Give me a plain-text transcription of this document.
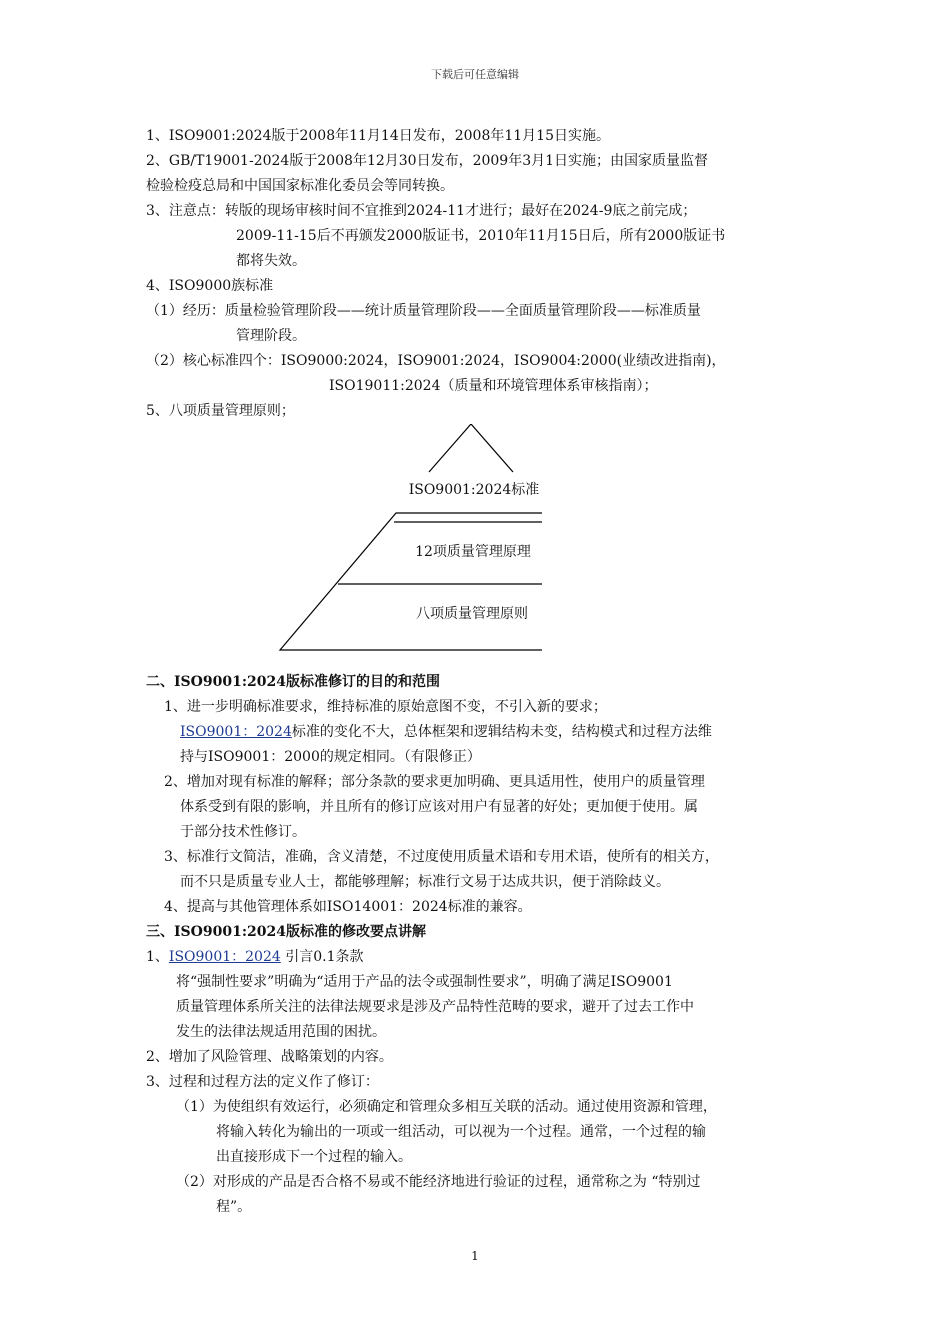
下载后可任意编辑

1、ISO9001:2024版于2008年11月14日发布，2008年11月15日实施。

2、GB/T19001-2024版于2008年12月30日发布，2009年3月1日实施；由国家质量监督

检验检疫总局和中国国家标准化委员会等同转换。

3、注意点：转版的现场审核时间不宜推到2024-11才进行；最好在2024-9底之前完成；

2009-11-15后不再颁发2000版证书，2010年11月15日后，所有2000版证书

都将失效。

4、ISO9000族标准

（1）经历：质量检验管理阶段——统计质量管理阶段——全面质量管理阶段——标准质量

管理阶段。

（2）核心标准四个：ISO9000:2024，ISO9001:2024，ISO9004:2000(业绩改进指南)，

ISO19011:2024（质量和环境管理体系审核指南）；

5、八项质量管理原则；

ISO9001:2024标准
12项质量管理原理
八项质量管理原则

二、ISO9001:2024版标准修订的目的和范围

1、进一步明确标准要求，维持标准的原始意图不变，不引入新的要求；

ISO9001：2024标准的变化不大，总体框架和逻辑结构未变，结构模式和过程方法维

持与ISO9001：2000的规定相同。（有限修正）

2、增加对现有标准的解释；部分条款的要求更加明确、更具适用性，使用户的质量管理

体系受到有限的影响，并且所有的修订应该对用户有显著的好处；更加便于使用。属

于部分技术性修订。

3、标准行文简洁，准确，含义清楚，不过度使用质量术语和专用术语，使所有的相关方，

而不只是质量专业人士，都能够理解；标准行文易于达成共识，便于消除歧义。

4、提高与其他管理体系如ISO14001：2024标准的兼容。

三、ISO9001:2024版标准的修改要点讲解

1、ISO9001：2024 引言0.1条款

将“强制性要求”明确为“适用于产品的法令或强制性要求”，明确了满足ISO9001

质量管理体系所关注的法律法规要求是涉及产品特性范畴的要求，避开了过去工作中

发生的法律法规适用范围的困扰。

2、增加了风险管理、战略策划的内容。

3、过程和过程方法的定义作了修订：

（1）为使组织有效运行，必须确定和管理众多相互关联的活动。通过使用资源和管理，

将输入转化为输出的一项或一组活动，可以视为一个过程。通常，一个过程的输

出直接形成下一个过程的输入。

（2）对形成的产品是否合格不易或不能经济地进行验证的过程，通常称之为 “特别过

程”。

1
